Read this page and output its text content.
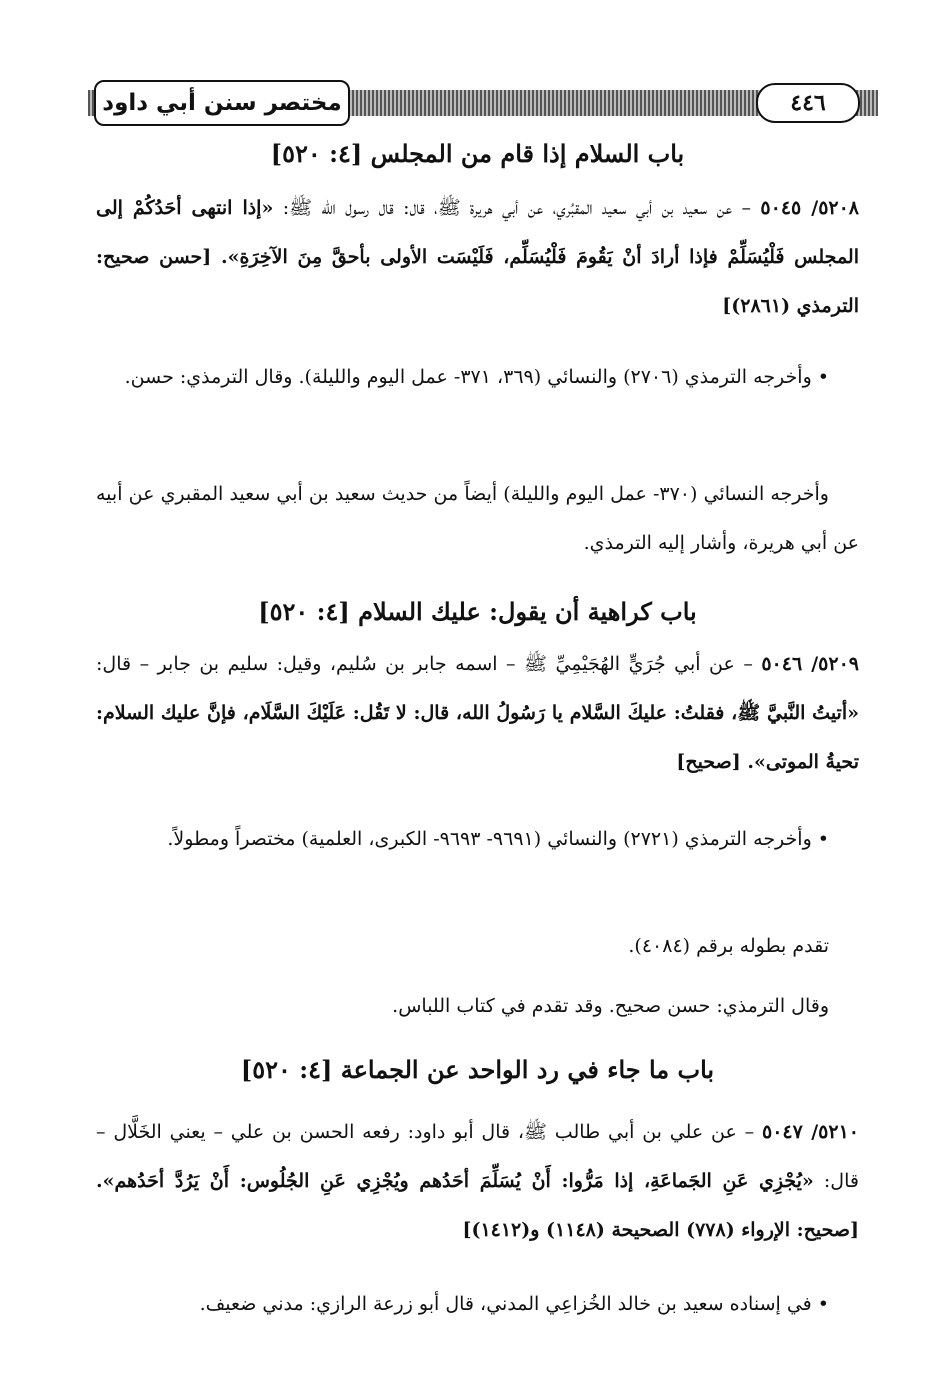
مختصر سنن أبي داود	٤٤٦
باب السلام إذا قام من المجلس [٤: ٥٢٠]

٥٢٠٨/ ٥٠٤٥ – عن سعيد بن أبي سعيد المقبُري، عن أبي هريرة ﷺ، قال: قال رسول الله ﷺ: «إذا انتهى أحَدُكُمْ إلى المجلس فَلْيُسَلِّمْ فإذا أرادَ أنْ يَقُومَ فَلْيُسَلِّم، فَلَيْسَت الأولى بأحقَّ مِنَ الآخِرَةِ». [حسن صحيح: الترمذي (٢٨٦١)]

• وأخرجه الترمذي (٢٧٠٦) والنسائي (٣٦٩، ٣٧١- عمل اليوم والليلة). وقال الترمذي: حسن.

وأخرجه النسائي (٣٧٠- عمل اليوم والليلة) أيضاً من حديث سعيد بن أبي سعيد المقبري عن أبيه عن أبي هريرة، وأشار إليه الترمذي.

باب كراهية أن يقول: عليك السلام [٤: ٥٢٠]

٥٢٠٩/ ٥٠٤٦ – عن أبي جُرَيٍّ الهُجَيْمِيِّ ﷺ – اسمه جابر بن سُليم، وقيل: سليم بن جابر – قال: «أتيتُ النَّبيَّ ﷺ، فقلتُ: عليكَ السَّلام يا رَسُولُ الله، قال: لا تَقُل: عَلَيْكَ السَّلَام، فإنَّ عليك السلام: تحيةُ الموتى». [صحيح]

• وأخرجه الترمذي (٢٧٢١) والنسائي (٩٦٩١- ٩٦٩٣- الكبرى، العلمية) مختصراً ومطولاً.

تقدم بطوله برقم (٤٠٨٤).

وقال الترمذي: حسن صحيح. وقد تقدم في كتاب اللباس.

باب ما جاء في رد الواحد عن الجماعة [٤: ٥٢٠]

٥٢١٠/ ٥٠٤٧ – عن علي بن أبي طالب ﷺ، قال أبو داود: رفعه الحسن بن علي – يعني الخَلَّال – قال: «يُجْزِي عَنِ الجَماعَةِ، إذا مَرُّوا: أَنْ يُسَلِّمَ أحَدُهم ويُجْزِي عَنِ الجُلُوس: أَنْ يَرُدَّ أحَدُهم». [صحيح: الإرواء (٧٧٨) الصحيحة (١١٤٨) و(١٤١٢)]

• في إسناده سعيد بن خالد الخُزاعِي المدني، قال أبو زرعة الرازي: مدني ضعيف.
